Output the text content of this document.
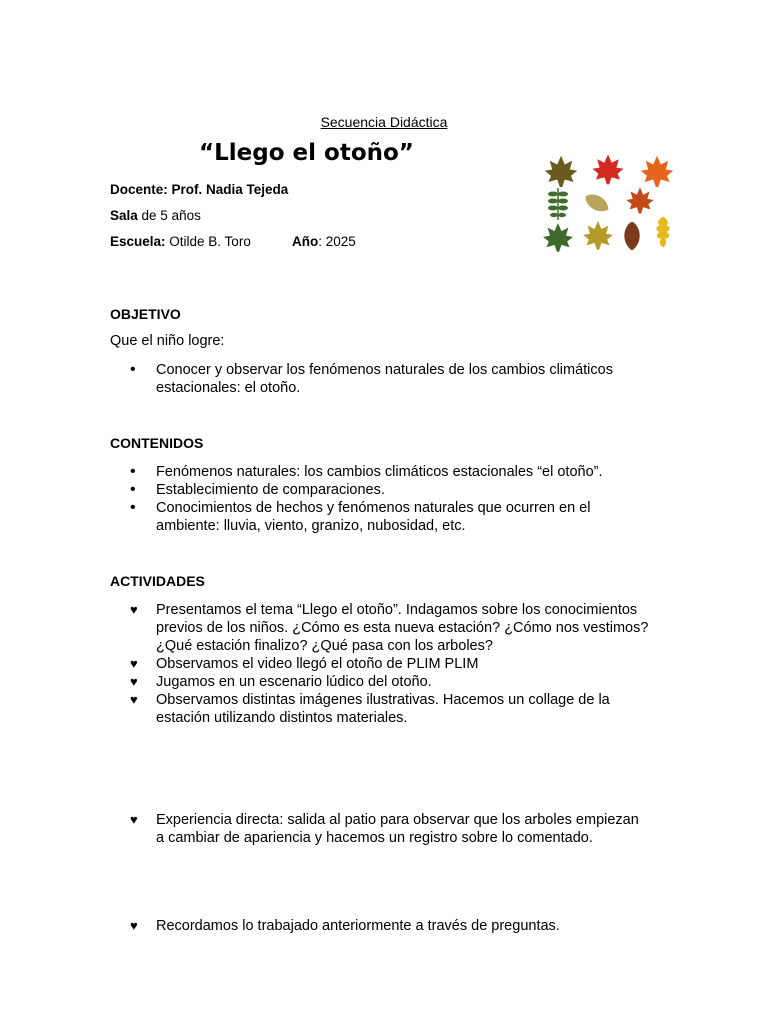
Secuencia Didáctica
“Llego el otoño”
Docente: Prof. Nadia Tejeda
Sala de 5 años
Escuela: Otilde B. Toro	Año: 2025
OBJETIVO
Que el niño logre:
•	Conocer y observar los fenómenos naturales de los cambios climáticos estacionales: el otoño.
CONTENIDOS
•	Fenómenos naturales: los cambios climáticos estacionales “el otoño”.
•	Establecimiento de comparaciones.
•	Conocimientos de hechos y fenómenos naturales que ocurren en el ambiente: lluvia, viento, granizo, nubosidad, etc.
ACTIVIDADES
♥	Presentamos el tema “Llego el otoño”. Indagamos sobre los conocimientos previos de los niños. ¿Cómo es esta nueva estación? ¿Cómo nos vestimos? ¿Qué estación finalizo? ¿Qué pasa con los arboles?
♥	Observamos el video llegó el otoño de PLIM PLIM
♥	Jugamos en un escenario lúdico del otoño.
♥	Observamos distintas imágenes ilustrativas. Hacemos un collage de la estación utilizando distintos materiales.
♥	Experiencia directa: salida al patio para observar que los arboles empiezan a cambiar de apariencia y hacemos un registro sobre lo comentado.
♥	Recordamos lo trabajado anteriormente a través de preguntas.
